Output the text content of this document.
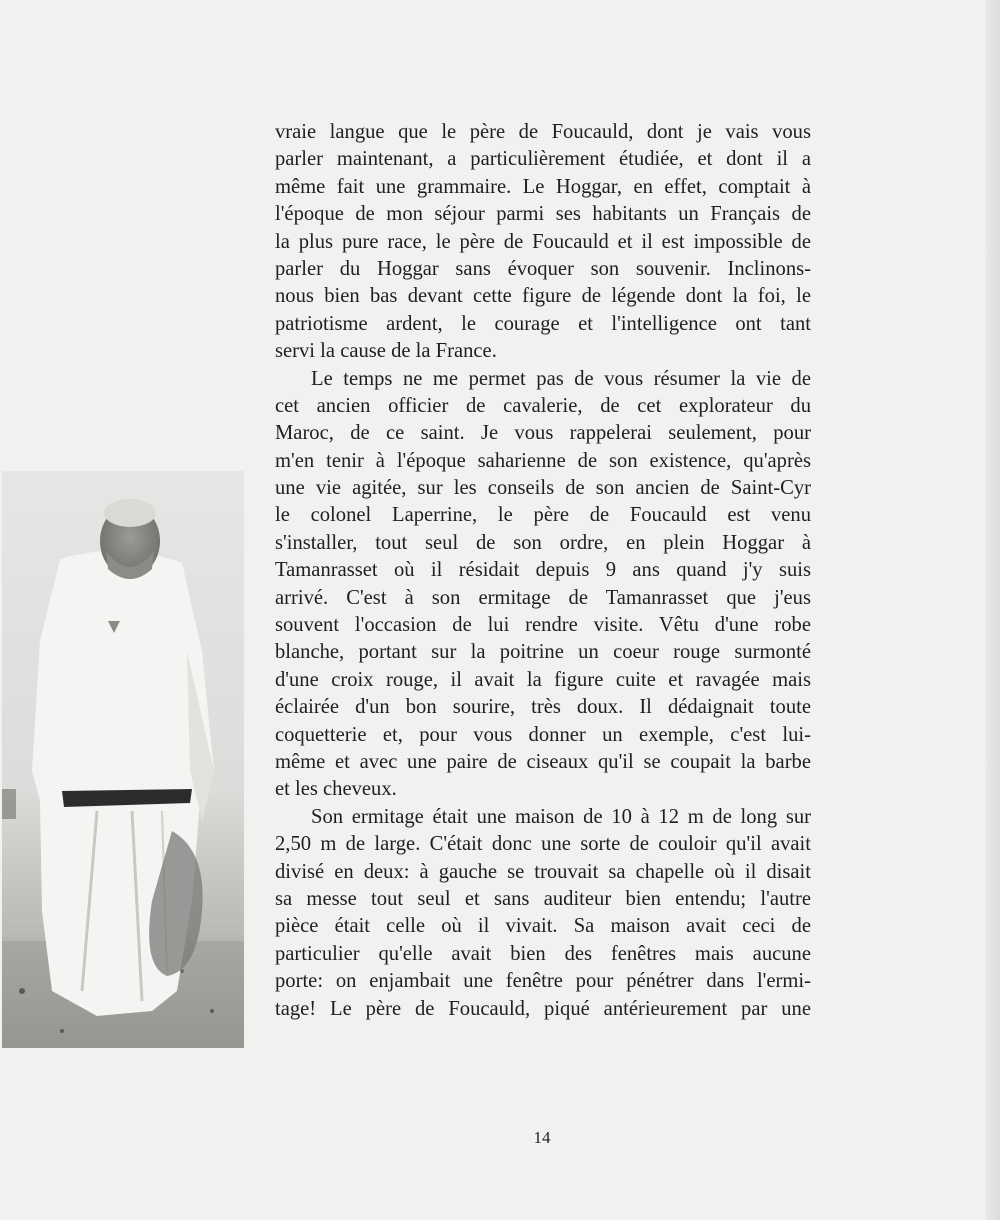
vraie langue que le père de Foucauld, dont je vais vous
parler maintenant, a particulièrement étudiée, et dont il a
même fait une grammaire. Le Hoggar, en effet, comptait à
l'époque de mon séjour parmi ses habitants un Français de
la plus pure race, le père de Foucauld et il est impossible de
parler du Hoggar sans évoquer son souvenir. Inclinons-
nous bien bas devant cette figure de légende dont la foi, le
patriotisme ardent, le courage et l'intelligence ont tant
servi la cause de la France.
Le temps ne me permet pas de vous résumer la vie de
cet ancien officier de cavalerie, de cet explorateur du
Maroc, de ce saint. Je vous rappelerai seulement, pour
m'en tenir à l'époque saharienne de son existence, qu'après
une vie agitée, sur les conseils de son ancien de Saint-Cyr
le colonel Laperrine, le père de Foucauld est venu
s'installer, tout seul de son ordre, en plein Hoggar à
Tamanrasset où il résidait depuis 9 ans quand j'y suis
arrivé. C'est à son ermitage de Tamanrasset que j'eus
souvent l'occasion de lui rendre visite. Vêtu d'une robe
blanche, portant sur la poitrine un coeur rouge surmonté
d'une croix rouge, il avait la figure cuite et ravagée mais
éclairée d'un bon sourire, très doux. Il dédaignait toute
coquetterie et, pour vous donner un exemple, c'est lui-
même et avec une paire de ciseaux qu'il se coupait la barbe
et les cheveux.
Son ermitage était une maison de 10 à 12 m de long sur
2,50 m de large. C'était donc une sorte de couloir qu'il avait
divisé en deux: à gauche se trouvait sa chapelle où il disait
sa messe tout seul et sans auditeur bien entendu; l'autre
pièce était celle où il vivait. Sa maison avait ceci de
particulier qu'elle avait bien des fenêtres mais aucune
porte: on enjambait une fenêtre pour pénétrer dans l'ermi-
tage! Le père de Foucauld, piqué antérieurement par une
14
